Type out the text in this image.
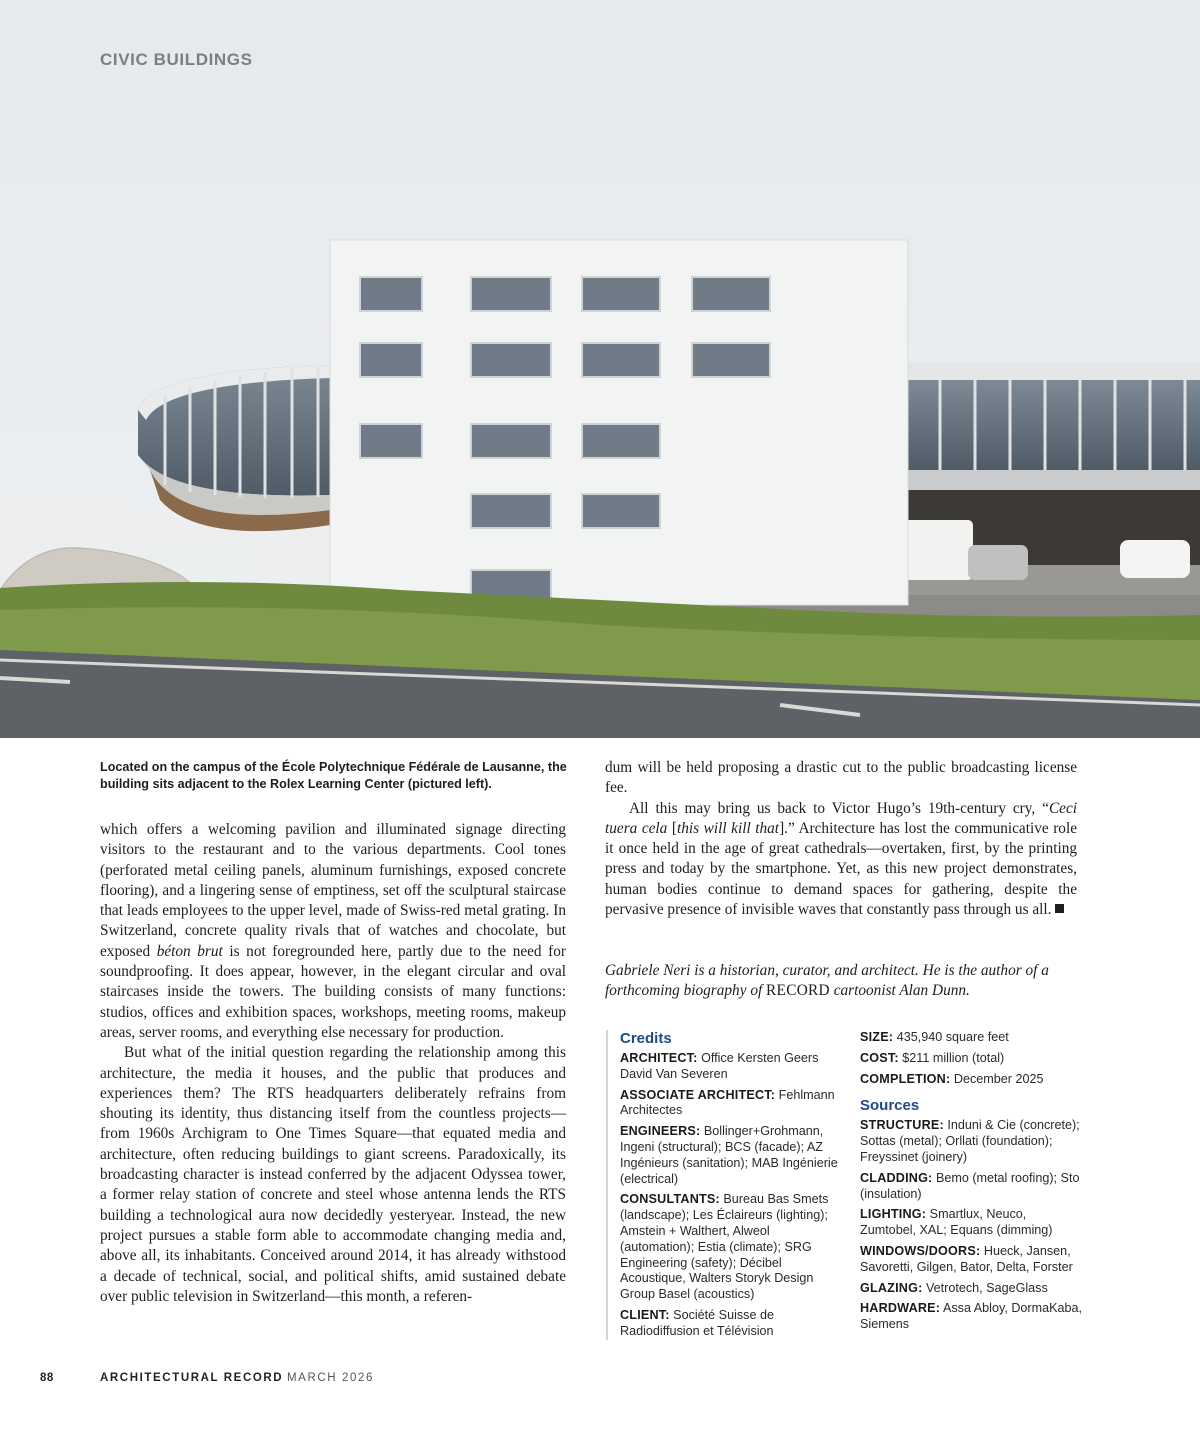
CIVIC BUILDINGS
Located on the campus of the École Polytechnique Fédérale de Lausanne, the building sits adjacent to the Rolex Learning Center (pictured left).

which offers a welcoming pavilion and illuminated signage directing visitors to the restaurant and to the various departments. Cool tones (perforated metal ceiling panels, aluminum furnishings, exposed concrete flooring), and a lingering sense of emptiness, set off the sculptural staircase that leads employees to the upper level, made of Swiss-red metal grating. In Switzerland, concrete quality rivals that of watches and chocolate, but exposed béton brut is not foregrounded here, partly due to the need for soundproofing. It does appear, however, in the elegant circular and oval staircases inside the towers. The building consists of many functions: studios, offices and exhibition spaces, workshops, meeting rooms, makeup areas, server rooms, and everything else necessary for production.

But what of the initial question regarding the relationship among this architecture, the media it houses, and the public that produces and experiences them? The RTS headquarters deliberately refrains from shouting its identity, thus distancing itself from the countless projects—from 1960s Archigram to One Times Square—that equated media and architecture, often reducing buildings to giant screens. Paradoxically, its broadcasting character is instead conferred by the adjacent Odyssea tower, a former relay station of concrete and steel whose antenna lends the RTS building a technological aura now decidedly yesteryear. Instead, the new project pursues a stable form able to accommodate changing media and, above all, its inhabitants. Conceived around 2014, it has already withstood a decade of technical, social, and political shifts, amid sustained debate over public television in Switzerland—this month, a referen-

dum will be held proposing a drastic cut to the public broadcasting license fee.

All this may bring us back to Victor Hugo’s 19th-century cry, “Ceci tuera cela [this will kill that].” Architecture has lost the communicative role it once held in the age of great cathedrals—overtaken, first, by the printing press and today by the smartphone. Yet, as this new project demonstrates, human bodies continue to demand spaces for gathering, despite the pervasive presence of invisible waves that constantly pass through us all.

Gabriele Neri is a historian, curator, and architect. He is the author of a forthcoming biography of RECORD cartoonist Alan Dunn.
Credits
ARCHITECT: Office Kersten Geers David Van Severen
ASSOCIATE ARCHITECT: Fehlmann Architectes
ENGINEERS: Bollinger+Grohmann, Ingeni (structural); BCS (facade); AZ Ingénieurs (sanitation); MAB Ingénierie (electrical)
CONSULTANTS: Bureau Bas Smets (landscape); Les Éclaireurs (lighting); Amstein + Walthert, Alweol (automation); Estia (climate); SRG Engineering (safety); Décibel Acoustique, Walters Storyk Design Group Basel (acoustics)
CLIENT: Société Suisse de Radiodiffusion et Télévision
SIZE: 435,940 square feet
COST: $211 million (total)
COMPLETION: December 2025
Sources
STRUCTURE: Induni & Cie (concrete); Sottas (metal); Orllati (foundation); Freyssinet (joinery)
CLADDING: Bemo (metal roofing); Sto (insulation)
LIGHTING: Smartlux, Neuco, Zumtobel, XAL; Equans (dimming)
WINDOWS/DOORS: Hueck, Jansen, Savoretti, Gilgen, Bator, Delta, Forster
GLAZING: Vetrotech, SageGlass
HARDWARE: Assa Abloy, DormaKaba, Siemens
88	ARCHITECTURAL RECORD MARCH 2026
